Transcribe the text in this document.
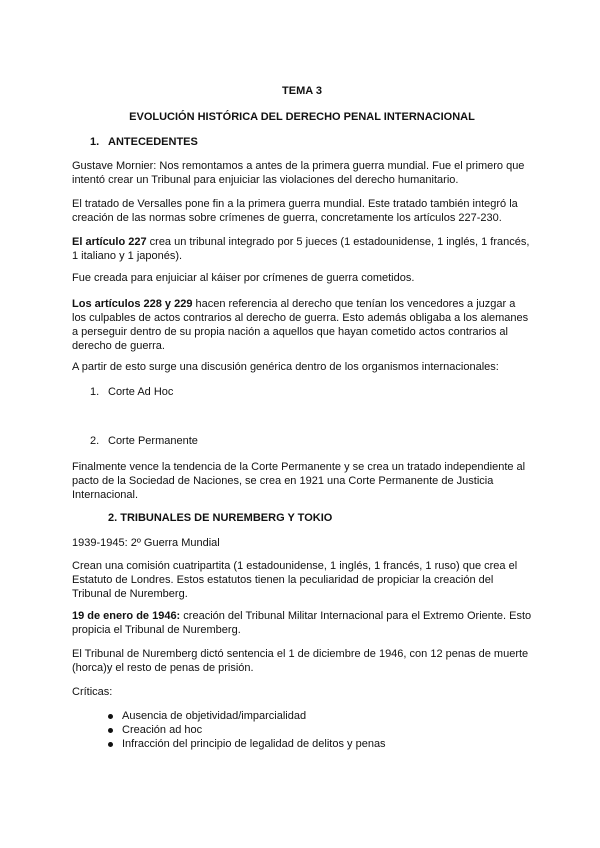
TEMA 3
EVOLUCIÓN HISTÓRICA DEL DERECHO PENAL INTERNACIONAL
1. ANTECEDENTES

Gustave Mornier: Nos remontamos a antes de la primera guerra mundial. Fue el primero que intentó crear un Tribunal para enjuiciar las violaciones del derecho humanitario.

El tratado de Versalles pone fin a la primera guerra mundial. Este tratado también integró la creación de las normas sobre crímenes de guerra, concretamente los artículos 227-230.

El artículo 227 crea un tribunal integrado por 5 jueces (1 estadounidense, 1 inglés, 1 francés, 1 italiano y 1 japonés).

Fue creada para enjuiciar al káiser por crímenes de guerra cometidos.

Los artículos 228 y 229 hacen referencia al derecho que tenían los vencedores a juzgar a los culpables de actos contrarios al derecho de guerra. Esto además obligaba a los alemanes a perseguir dentro de su propia nación a aquellos que hayan cometido actos contrarios al derecho de guerra.

A partir de esto surge una discusión genérica dentro de los organismos internacionales:

1. Corte Ad Hoc
2. Corte Permanente

Finalmente vence la tendencia de la Corte Permanente y se crea un tratado independiente al pacto de la Sociedad de Naciones, se crea en 1921 una Corte Permanente de Justicia Internacional.

2. TRIBUNALES DE NUREMBERG Y TOKIO

1939-1945: 2º Guerra Mundial

Crean una comisión cuatripartita (1 estadounidense, 1 inglés, 1 francés, 1 ruso) que crea el Estatuto de Londres. Estos estatutos tienen la peculiaridad de propiciar la creación del Tribunal de Nuremberg.

19 de enero de 1946: creación del Tribunal Militar Internacional para el Extremo Oriente. Esto propicia el Tribunal de Nuremberg.

El Tribunal de Nuremberg dictó sentencia el 1 de diciembre de 1946, con 12 penas de muerte (horca)y el resto de penas de prisión.

Críticas:

Ausencia de objetividad/imparcialidad
Creación ad hoc
Infracción del principio de legalidad de delitos y penas
